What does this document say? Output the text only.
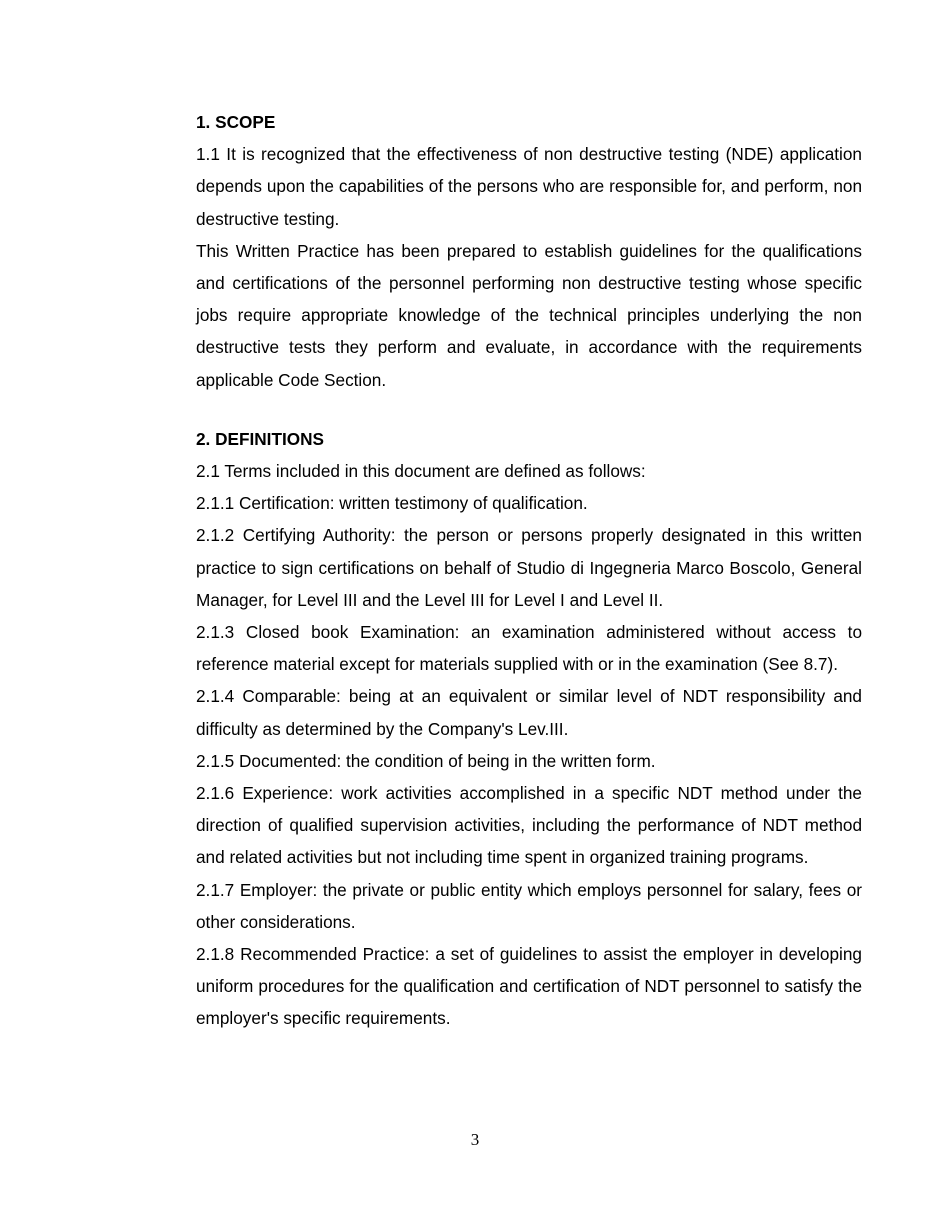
1. SCOPE

1.1 It is recognized that the effectiveness of non destructive testing (NDE) application depends upon the capabilities of the persons who are responsible for, and perform, non destructive testing.

This Written Practice has been prepared to establish guidelines for the qualifications and certifications of the personnel performing non destructive testing whose specific jobs require appropriate knowledge of the technical principles underlying the non destructive tests they perform and evaluate, in accordance with the requirements applicable Code Section.

2. DEFINITIONS

2.1 Terms included in this document are defined as follows:

2.1.1 Certification: written testimony of qualification.

2.1.2 Certifying Authority: the person or persons properly designated in this written practice to sign certifications on behalf of Studio di Ingegneria Marco Boscolo, General Manager, for Level III and the Level III for Level I and Level II.

2.1.3 Closed book Examination: an examination administered without access to reference material except for materials supplied with or in the examination (See 8.7).

2.1.4 Comparable: being at an equivalent or similar level of NDT responsibility and difficulty as determined by the Company's Lev.III.

2.1.5 Documented: the condition of being in the written form.

2.1.6 Experience: work activities accomplished in a specific NDT method under the direction of qualified supervision activities, including the performance of NDT method and related activities but not including time spent in organized training programs.

2.1.7 Employer: the private or public entity which employs personnel for salary, fees or other considerations.

2.1.8 Recommended Practice: a set of guidelines to assist the employer in developing uniform procedures for the qualification and certification of NDT personnel to satisfy the employer's specific requirements.

3
